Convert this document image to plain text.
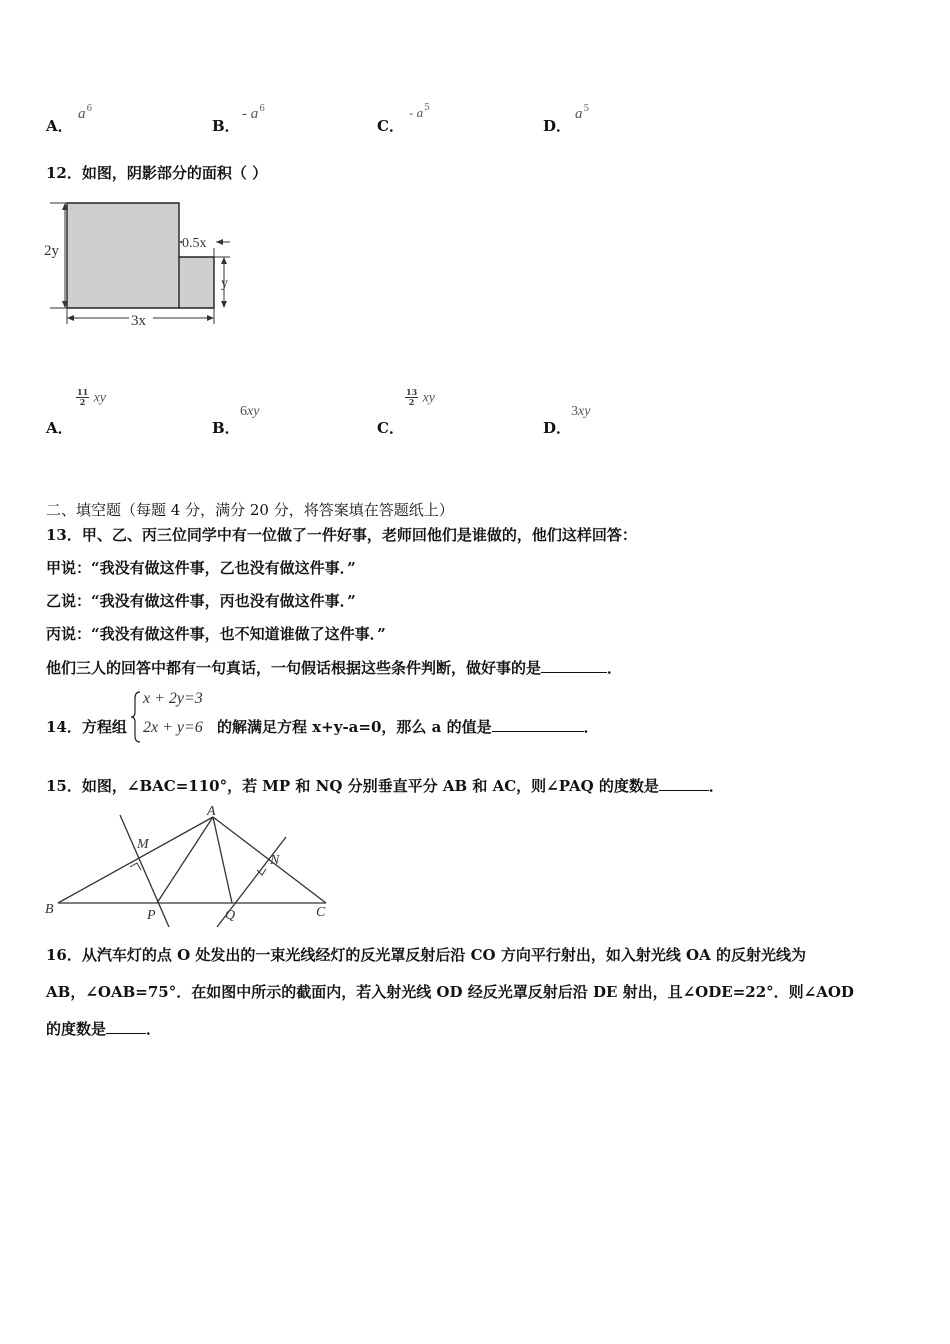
A．
$a^6$
B．
- $a^6$
C．
- $a^5$
D．
$a^5$
12．如图，阴影部分的面积（ ）
2y	0.5x
y
3x
A．
$\frac{11}{2}$ xy
B．
6xy
C．
$\frac{13}{2}$ xy
D．
3xy
二、填空题（每题 4 分，满分 20 分，将答案填在答题纸上）
13．甲、乙、丙三位同学中有一位做了一件好事，老师回他们是谁做的，他们这样回答：
甲说：“我没有做这件事，乙也没有做这件事．”
乙说：“我没有做这件事，丙也没有做这件事．”
丙说：“我没有做这件事，也不知道谁做了这件事．”
他们三人的回答中都有一句真话，一句假话根据这些条件判断，做好事的是	．
14．方程组
x + 2y=3
2x + y=6 的解满足方程 x+y-a=0，那么 a 的值是	．
15．如图，∠BAC=110°，若 MP 和 NQ 分别垂直平分 AB 和 AC，则∠PAQ 的度数是	．
A
B	C
M
N
P	Q
16．从汽车灯的点 O 处发出的一束光线经灯的反光罩反射后沿 CO 方向平行射出，如入射光线 OA 的反射光线为
AB，∠OAB=75°．在如图中所示的截面内，若入射光线 OD 经反光罩反射后沿 DE 射出，且∠ODE=22°．则∠AOD
的度数是	．
